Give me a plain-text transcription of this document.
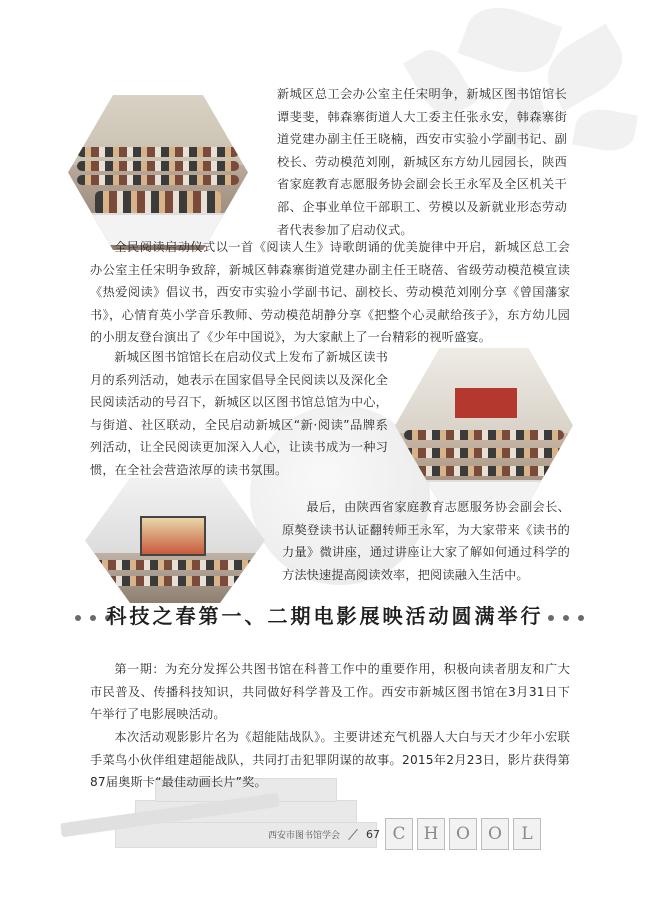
C	H	O	O	L
新城区总工会办公室主任宋明争，新城区图书馆馆长谭斐斐，韩森寨街道人大工委主任张永安，韩森寨街道党建办副主任王晓楠，西安市实验小学副书记、副校长、劳动模范刘刚，新城区东方幼儿园园长，陕西省家庭教育志愿服务协会副会长王永军及全区机关干部、企事业单位干部职工、劳模以及新就业形态劳动者代表参加了启动仪式。
全民阅读启动仪式以一首《阅读人生》诗歌朗诵的优美旋律中开启，新城区总工会办公室主任宋明争致辞，新城区韩森寨街道党建办副主任王晓蓓、省级劳动模范模宣读《热爱阅读》倡议书，西安市实验小学副书记、副校长、劳动模范刘刚分享《曾国藩家书》，心情育英小学音乐教师、劳动模范胡静分享《把整个心灵献给孩子》，东方幼儿园的小朋友登台演出了《少年中国说》，为大家献上了一台精彩的视听盛宴。
新城区图书馆馆长在启动仪式上发布了新城区读书月的系列活动，她表示在国家倡导全民阅读以及深化全民阅读活动的号召下，新城区以区图书馆总馆为中心，与街道、社区联动，全民启动新城区“新·阅读”品牌系列活动，让全民阅读更加深入人心，让读书成为一种习惯，在全社会营造浓厚的读书氛围。
最后，由陕西省家庭教育志愿服务协会副会长、原獒登读书认证翻转师王永军，为大家带来《读书的力量》微讲座，通过讲座让大家了解如何通过科学的方法快速提高阅读效率，把阅读融入生活中。
科技之春第一、二期电影展映活动圆满举行
第一期：为充分发挥公共图书馆在科普工作中的重要作用，积极向读者朋友和广大市民普及、传播科技知识，共同做好科学普及工作。西安市新城区图书馆在3月31日下午举行了电影展映活动。
本次活动观影影片名为《超能陆战队》。主要讲述充气机器人大白与天才少年小宏联手菜鸟小伙伴组建超能战队，共同打击犯罪阴谋的故事。2015年2月23日，影片获得第87届奥斯卡“最佳动画长片”奖。
西安市图书馆学会 67
